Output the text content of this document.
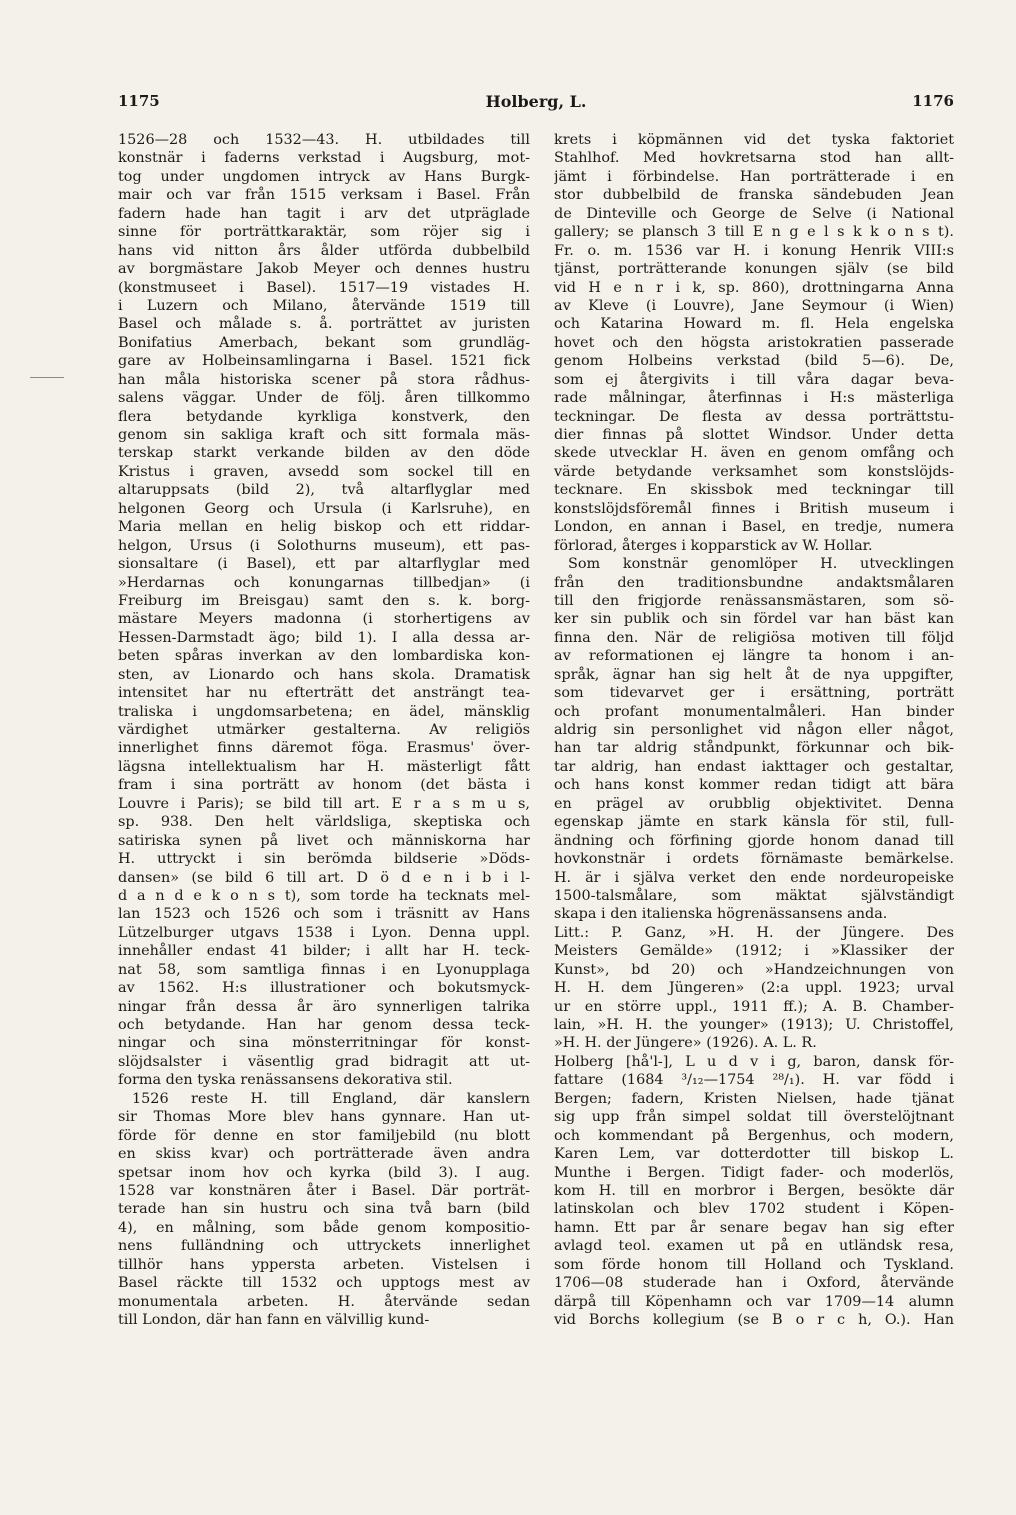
1175	Holberg, L.	1176
1526—28 och 1532—43. H. utbildades till
konstnär i faderns verkstad i Augsburg, mot-
tog under ungdomen intryck av Hans Burgk-
mair och var från 1515 verksam i Basel. Från
fadern hade han tagit i arv det utpräglade
sinne för porträttkaraktär, som röjer sig i
hans vid nitton års ålder utförda dubbelbild
av borgmästare Jakob Meyer och dennes hustru
(konstmuseet i Basel). 1517—19 vistades H.
i Luzern och Milano, återvände 1519 till
Basel och målade s. å. porträttet av juristen
Bonifatius Amerbach, bekant som grundläg-
gare av Holbeinsamlingarna i Basel. 1521 fick
han måla historiska scener på stora rådhus-
salens väggar. Under de följ. åren tillkommo
flera betydande kyrkliga konstverk, den
genom sin sakliga kraft och sitt formala mäs-
terskap starkt verkande bilden av den döde
Kristus i graven, avsedd som sockel till en
altaruppsats (bild 2), två altarflyglar med
helgonen Georg och Ursula (i Karlsruhe), en
Maria mellan en helig biskop och ett riddar-
helgon, Ursus (i Solothurns museum), ett pas-
sionsaltare (i Basel), ett par altarflyglar med
»Herdarnas och konungarnas tillbedjan» (i
Freiburg im Breisgau) samt den s. k. borg-
mästare Meyers madonna (i storhertigens av
Hessen-Darmstadt ägo; bild 1). I alla dessa ar-
beten spåras inverkan av den lombardiska kon-
sten, av Lionardo och hans skola. Dramatisk
intensitet har nu efterträtt det ansträngt tea-
traliska i ungdomsarbetena; en ädel, mänsklig
värdighet utmärker gestalterna. Av religiös
innerlighet finns däremot föga. Erasmus' över-
lägsna intellektualism har H. mästerligt fått
fram i sina porträtt av honom (det bästa i
Louvre i Paris); se bild till art. E r a s m u s,
sp. 938. Den helt världsliga, skeptiska och
satiriska synen på livet och människorna har
H. uttryckt i sin berömda bildserie »Döds-
dansen» (se bild 6 till art. D ö d e n i b i l-
d a n d e k o n s t), som torde ha tecknats mel-
lan 1523 och 1526 och som i träsnitt av Hans
Lützelburger utgavs 1538 i Lyon. Denna uppl.
innehåller endast 41 bilder; i allt har H. teck-
nat 58, som samtliga finnas i en Lyonupplaga
av 1562. H:s illustrationer och bokutsmyck-
ningar från dessa år äro synnerligen talrika
och betydande. Han har genom dessa teck-
ningar och sina mönsterritningar för konst-
slöjdsalster i väsentlig grad bidragit att ut-
forma den tyska renässansens dekorativa stil.
1526 reste H. till England, där kanslern
sir Thomas More blev hans gynnare. Han ut-
förde för denne en stor familjebild (nu blott
en skiss kvar) och porträtterade även andra
spetsar inom hov och kyrka (bild 3). I aug.
1528 var konstnären åter i Basel. Där porträt-
terade han sin hustru och sina två barn (bild
4), en målning, som både genom kompositio-
nens fulländning och uttryckets innerlighet
tillhör hans yppersta arbeten. Vistelsen i
Basel räckte till 1532 och upptogs mest av
monumentala arbeten. H. återvände sedan
till London, där han fann en välvillig kund-
krets i köpmännen vid det tyska faktoriet
Stahlhof. Med hovkretsarna stod han allt-
jämt i förbindelse. Han porträtterade i en
stor dubbelbild de franska sändebuden Jean
de Dinteville och George de Selve (i National
gallery; se plansch 3 till E n g e l s k k o n s t).
Fr. o. m. 1536 var H. i konung Henrik VIII:s
tjänst, porträtterande konungen själv (se bild
vid H e n r i k, sp. 860), drottningarna Anna
av Kleve (i Louvre), Jane Seymour (i Wien)
och Katarina Howard m. fl. Hela engelska
hovet och den högsta aristokratien passerade
genom Holbeins verkstad (bild 5—6). De,
som ej återgivits i till våra dagar beva-
rade målningar, återfinnas i H:s mästerliga
teckningar. De flesta av dessa porträttstu-
dier finnas på slottet Windsor. Under detta
skede utvecklar H. även en genom omfång och
värde betydande verksamhet som konstslöjds-
tecknare. En skissbok med teckningar till
konstslöjdsföremål finnes i British museum i
London, en annan i Basel, en tredje, numera
förlorad, återges i kopparstick av W. Hollar.
Som konstnär genomlöper H. utvecklingen
från den traditionsbundne andaktsmålaren
till den frigjorde renässansmästaren, som sö-
ker sin publik och sin fördel var han bäst kan
finna den. När de religiösa motiven till följd
av reformationen ej längre ta honom i an-
språk, ägnar han sig helt åt de nya uppgifter,
som tidevarvet ger i ersättning, porträtt
och profant monumentalmåleri. Han binder
aldrig sin personlighet vid någon eller något,
han tar aldrig ståndpunkt, förkunnar och bik-
tar aldrig, han endast iakttager och gestaltar,
och hans konst kommer redan tidigt att bära
en prägel av orubblig objektivitet. Denna
egenskap jämte en stark känsla för stil, full-
ändning och förfining gjorde honom danad till
hovkonstnär i ordets förnämaste bemärkelse.
H. är i själva verket den ende nordeuropeiske
1500-talsmålare, som mäktat självständigt
skapa i den italienska högrenässansens anda.
Litt.: P. Ganz, »H. H. der Jüngere. Des
Meisters Gemälde» (1912; i »Klassiker der
Kunst», bd 20) och »Handzeichnungen von
H. H. dem Jüngeren» (2:a uppl. 1923; urval
ur en större uppl., 1911 ff.); A. B. Chamber-
lain, »H. H. the younger» (1913); U. Christoffel,
»H. H. der Jüngere» (1926). A. L. R.
Holberg [hå'l-], L u d v i g, baron, dansk för-
fattare (1684 ³/₁₂—1754 ²⁸/₁). H. var född i
Bergen; fadern, Kristen Nielsen, hade tjänat
sig upp från simpel soldat till överstelöjtnant
och kommendant på Bergenhus, och modern,
Karen Lem, var dotterdotter till biskop L.
Munthe i Bergen. Tidigt fader- och moderlös,
kom H. till en morbror i Bergen, besökte där
latinskolan och blev 1702 student i Köpen-
hamn. Ett par år senare begav han sig efter
avlagd teol. examen ut på en utländsk resa,
som förde honom till Holland och Tyskland.
1706—08 studerade han i Oxford, återvände
därpå till Köpenhamn och var 1709—14 alumn
vid Borchs kollegium (se B o r c h, O.). Han
